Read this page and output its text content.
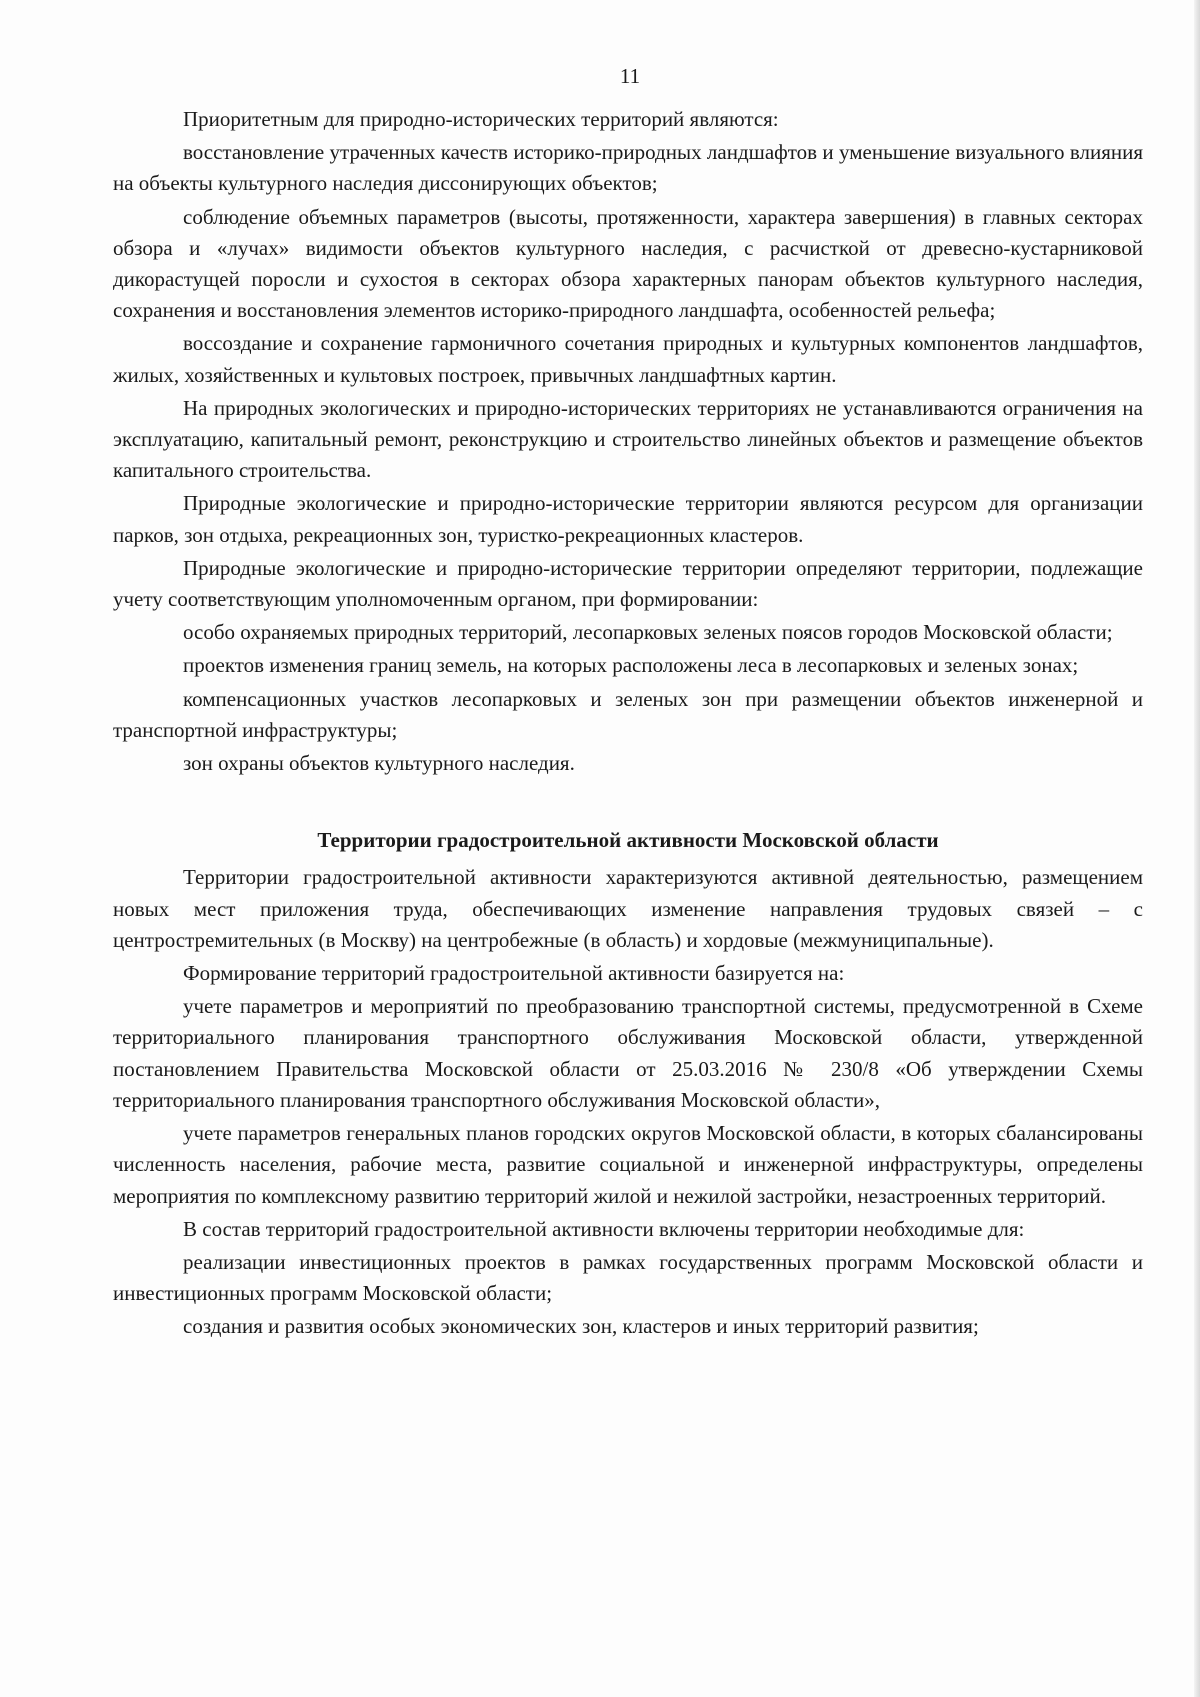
11

Приоритетным для природно-исторических территорий являются:

восстановление утраченных качеств историко-природных ландшафтов и уменьшение визуального влияния на объекты культурного наследия диссонирующих объектов;

соблюдение объемных параметров (высоты, протяженности, характера завершения) в главных секторах обзора и «лучах» видимости объектов культурного наследия, с расчисткой от древесно-кустарниковой дикорастущей поросли и сухостоя в секторах обзора характерных панорам объектов культурного наследия, сохранения и восстановления элементов историко-природного ландшафта, особенностей рельефа;

воссоздание и сохранение гармоничного сочетания природных и культурных компонентов ландшафтов, жилых, хозяйственных и культовых построек, привычных ландшафтных картин.

На природных экологических и природно-исторических территориях не устанавливаются ограничения на эксплуатацию, капитальный ремонт, реконструкцию и строительство линейных объектов и размещение объектов капитального строительства.

Природные экологические и природно-исторические территории являются ресурсом для организации парков, зон отдыха, рекреационных зон, туристко-рекреационных кластеров.

Природные экологические и природно-исторические территории определяют территории, подлежащие учету соответствующим уполномоченным органом, при формировании:

особо охраняемых природных территорий, лесопарковых зеленых поясов городов Московской области;

проектов изменения границ земель, на которых расположены леса в лесопарковых и зеленых зонах;

компенсационных участков лесопарковых и зеленых зон при размещении объектов инженерной и транспортной инфраструктуры;

зон охраны объектов культурного наследия.

Территории градостроительной активности Московской области

Территории градостроительной активности характеризуются активной деятельностью, размещением новых мест приложения труда, обеспечивающих изменение направления трудовых связей – с центростремительных (в Москву) на центробежные (в область) и хордовые (межмуниципальные).

Формирование территорий градостроительной активности базируется на:

учете параметров и мероприятий по преобразованию транспортной системы, предусмотренной в Схеме территориального планирования транспортного обслуживания Московской области, утвержденной постановлением Правительства Московской области от 25.03.2016 № 230/8 «Об утверждении Схемы территориального планирования транспортного обслуживания Московской области»,

учете параметров генеральных планов городских округов Московской области, в которых сбалансированы численность населения, рабочие места, развитие социальной и инженерной инфраструктуры, определены мероприятия по комплексному развитию территорий жилой и нежилой застройки, незастроенных территорий.

В состав территорий градостроительной активности включены территории необходимые для:

реализации инвестиционных проектов в рамках государственных программ Московской области и инвестиционных программ Московской области;

создания и развития особых экономических зон, кластеров и иных территорий развития;
